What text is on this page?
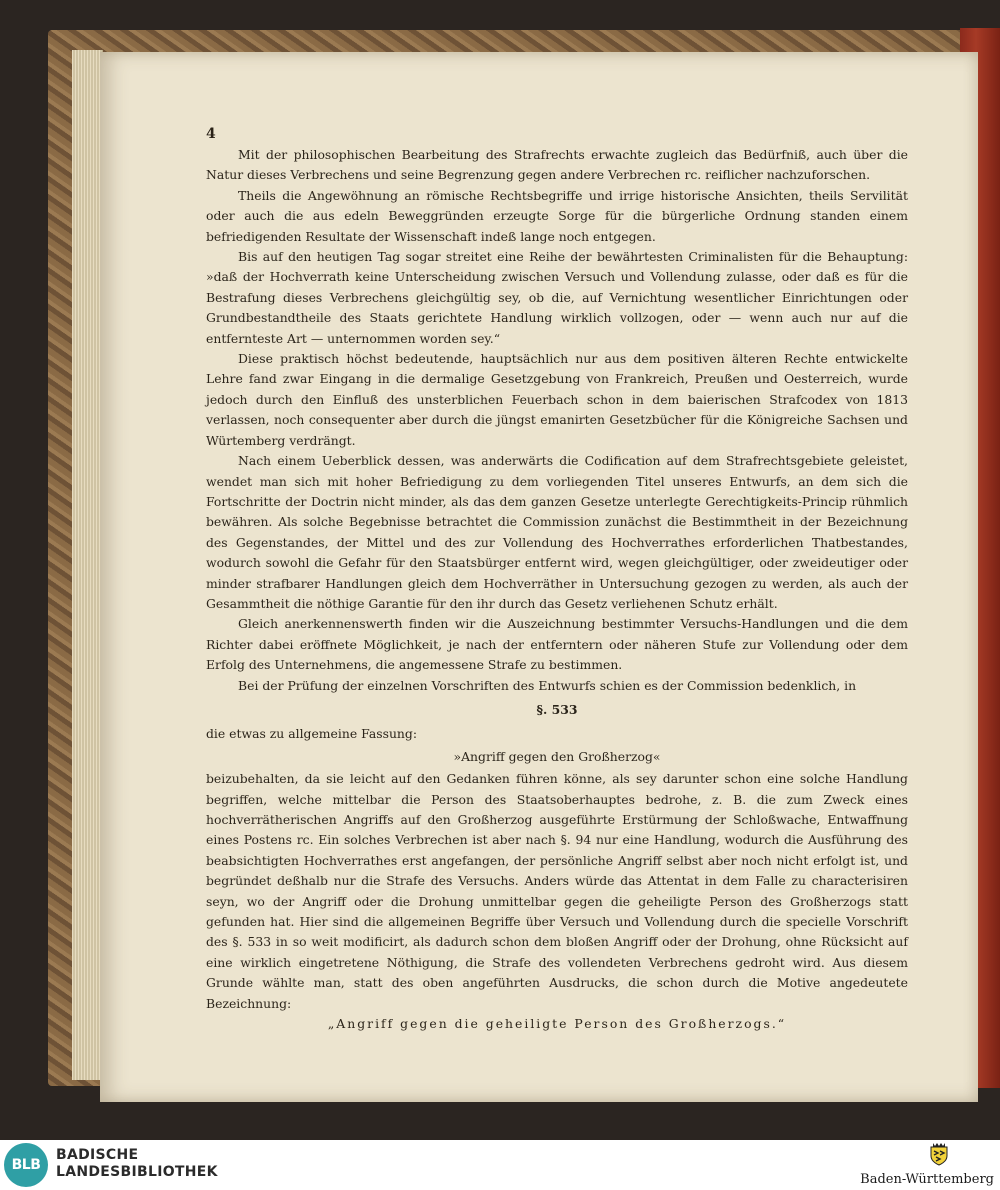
4

Mit der philosophischen Bearbeitung des Strafrechts erwachte zugleich das Bedürfniß, auch über die Natur dieses Verbrechens und seine Begrenzung gegen andere Verbrechen rc. reiflicher nachzuforschen.

Theils die Angewöhnung an römische Rechtsbegriffe und irrige historische Ansichten, theils Servilität oder auch die aus edeln Beweggründen erzeugte Sorge für die bürgerliche Ordnung standen einem befriedigenden Resultate der Wissenschaft indeß lange noch entgegen.

Bis auf den heutigen Tag sogar streitet eine Reihe der bewährtesten Criminalisten für die Behauptung: »daß der Hochverrath keine Unterscheidung zwischen Versuch und Vollendung zulasse, oder daß es für die Bestrafung dieses Verbrechens gleichgültig sey, ob die, auf Vernichtung wesentlicher Einrichtungen oder Grundbestandtheile des Staats gerichtete Handlung wirklich vollzogen, oder — wenn auch nur auf die entfernteste Art — unternommen worden sey.“

Diese praktisch höchst bedeutende, hauptsächlich nur aus dem positiven älteren Rechte entwickelte Lehre fand zwar Eingang in die dermalige Gesetzgebung von Frankreich, Preußen und Oesterreich, wurde jedoch durch den Einfluß des unsterblichen Feuerbach schon in dem baierischen Strafcodex von 1813 verlassen, noch consequenter aber durch die jüngst emanirten Gesetzbücher für die Königreiche Sachsen und Würtemberg verdrängt.

Nach einem Ueberblick dessen, was anderwärts die Codification auf dem Strafrechtsgebiete geleistet, wendet man sich mit hoher Befriedigung zu dem vorliegenden Titel unseres Entwurfs, an dem sich die Fortschritte der Doctrin nicht minder, als das dem ganzen Gesetze unterlegte Gerechtigkeits-Princip rühmlich bewähren. Als solche Begebnisse betrachtet die Commission zunächst die Bestimmtheit in der Bezeichnung des Gegenstandes, der Mittel und des zur Vollendung des Hochverrathes erforderlichen Thatbestandes, wodurch sowohl die Gefahr für den Staatsbürger entfernt wird, wegen gleichgültiger, oder zweideutiger oder minder strafbarer Handlungen gleich dem Hochverräther in Untersuchung gezogen zu werden, als auch der Gesammtheit die nöthige Garantie für den ihr durch das Gesetz verliehenen Schutz erhält.

Gleich anerkennenswerth finden wir die Auszeichnung bestimmter Versuchs-Handlungen und die dem Richter dabei eröffnete Möglichkeit, je nach der entferntern oder näheren Stufe zur Vollendung oder dem Erfolg des Unternehmens, die angemessene Strafe zu bestimmen.

Bei der Prüfung der einzelnen Vorschriften des Entwurfs schien es der Commission bedenklich, in

§. 533

die etwas zu allgemeine Fassung:

»Angriff gegen den Großherzog«

beizubehalten, da sie leicht auf den Gedanken führen könne, als sey darunter schon eine solche Handlung begriffen, welche mittelbar die Person des Staatsoberhauptes bedrohe, z. B. die zum Zweck eines hochverrätherischen Angriffs auf den Großherzog ausgeführte Erstürmung der Schloßwache, Entwaffnung eines Postens rc. Ein solches Verbrechen ist aber nach §. 94 nur eine Handlung, wodurch die Ausführung des beabsichtigten Hochverrathes erst angefangen, der persönliche Angriff selbst aber noch nicht erfolgt ist, und begründet deßhalb nur die Strafe des Versuchs. Anders würde das Attentat in dem Falle zu characterisiren seyn, wo der Angriff oder die Drohung unmittelbar gegen die geheiligte Person des Großherzogs statt gefunden hat. Hier sind die allgemeinen Begriffe über Versuch und Vollendung durch die specielle Vorschrift des §. 533 in so weit modificirt, als dadurch schon dem bloßen Angriff oder der Drohung, ohne Rücksicht auf eine wirklich eingetretene Nöthigung, die Strafe des vollendeten Verbrechens gedroht wird. Aus diesem Grunde wählte man, statt des oben angeführten Ausdrucks, die schon durch die Motive angedeutete Bezeichnung:

„Angriff gegen die geheiligte Person des Großherzogs.“

BLB
BADISCHE
LANDESBIBLIOTHEK	Baden-Württemberg
